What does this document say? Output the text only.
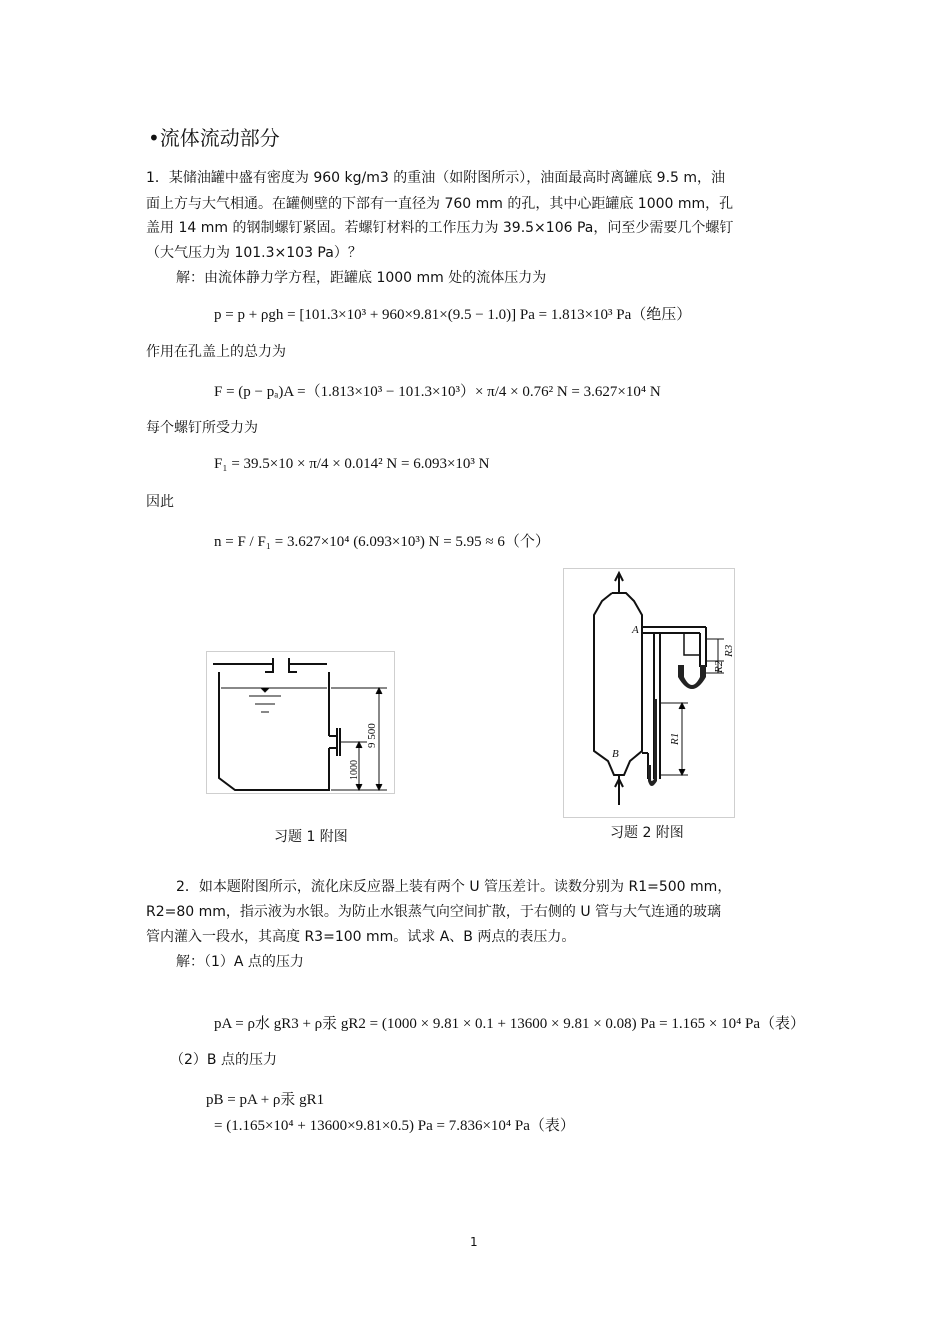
•流体流动部分
1．某储油罐中盛有密度为 960 kg/m3 的重油（如附图所示），油面最高时离罐底 9.5 m，油
面上方与大气相通。在罐侧壁的下部有一直径为 760 mm 的孔，其中心距罐底 1000 mm，孔
盖用 14 mm 的钢制螺钉紧固。若螺钉材料的工作压力为 39.5×106 Pa，问至少需要几个螺钉
（大气压力为 101.3×103 Pa）？
解：由流体静力学方程，距罐底 1000 mm 处的流体压力为
p = p + ρgh = [101.3×10³ + 960×9.81×(9.5 − 1.0)] Pa = 1.813×10³ Pa（绝压）
作用在孔盖上的总力为
F = (p − pₐ)A =（1.813×10³ − 101.3×10³）× π/4 × 0.76² N = 3.627×10⁴ N
每个螺钉所受力为
F₁ = 39.5×10 × π/4 × 0.014² N = 6.093×10³ N
因此
n = F / F₁ = 3.627×10⁴ (6.093×10³) N = 5.95 ≈ 6（个）
9 500
1000
习题 1 附图
A
B
R1
R2
R3
习题 2 附图
2．如本题附图所示，流化床反应器上装有两个 U 管压差计。读数分别为 R1=500 mm，
R2=80 mm，指示液为水银。为防止水银蒸气向空间扩散，于右侧的 U 管与大气连通的玻璃
管内灌入一段水，其高度 R3=100 mm。试求 A、B 两点的表压力。
解：（1）A 点的压力
pA = ρ水 gR3 + ρ汞 gR2 = (1000 × 9.81 × 0.1 + 13600 × 9.81 × 0.08) Pa = 1.165 × 10⁴ Pa（表）
（2）B 点的压力
pB = pA + ρ汞 gR1
= (1.165×10⁴ + 13600×9.81×0.5) Pa = 7.836×10⁴ Pa（表）
1
